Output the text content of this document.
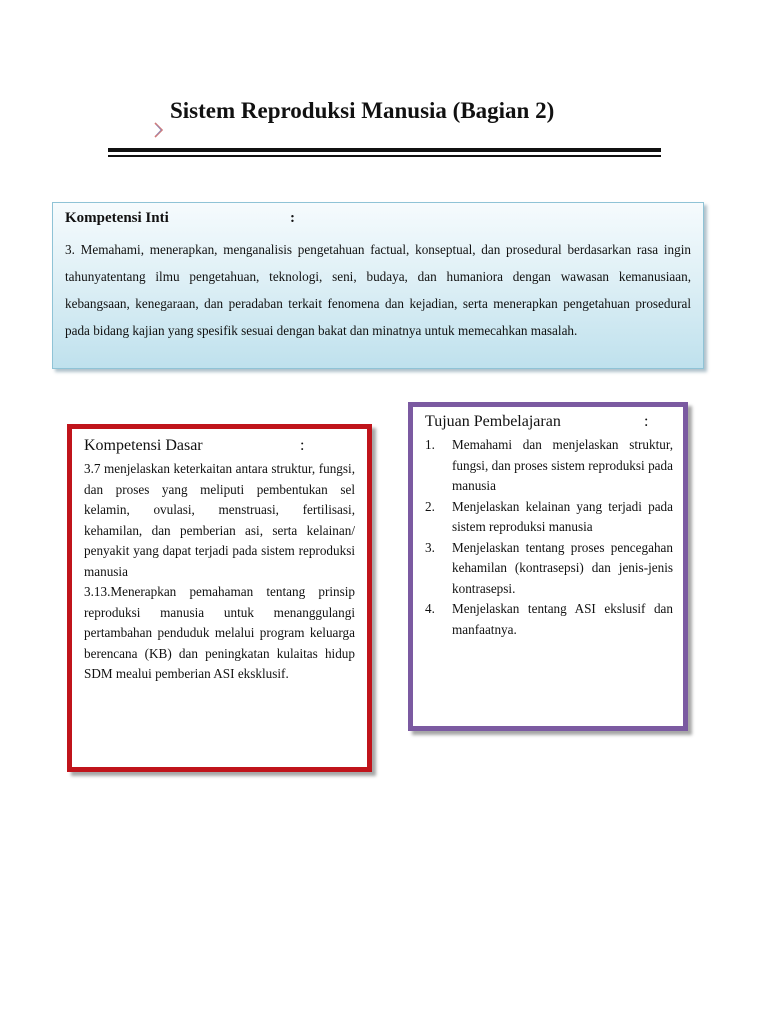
Sistem Reproduksi Manusia (Bagian 2)
Kompetensi Inti	:

3. Memahami, menerapkan, menganalisis pengetahuan factual, konseptual, dan prosedural berdasarkan rasa ingin tahunyatentang ilmu pengetahuan, teknologi, seni, budaya, dan humaniora dengan wawasan kemanusiaan, kebangsaan, kenegaraan, dan peradaban terkait fenomena dan kejadian, serta menerapkan pengetahuan prosedural pada bidang kajian yang spesifik sesuai dengan bakat dan minatnya untuk memecahkan masalah.

Kompetensi Dasar	:

3.7 menjelaskan keterkaitan antara struktur, fungsi, dan proses yang meliputi pembentukan sel kelamin, ovulasi, menstruasi, fertilisasi, kehamilan, dan pemberian asi, serta kelainan/ penyakit yang dapat terjadi pada sistem reproduksi manusia

3.13.Menerapkan pemahaman tentang prinsip reproduksi manusia untuk menanggulangi pertambahan penduduk melalui program keluarga berencana (KB) dan peningkatan kulaitas hidup SDM mealui pemberian ASI eksklusif.

Tujuan Pembelajaran	:
1.	Memahami dan menjelaskan struktur, fungsi, dan proses sistem reproduksi pada manusia
2.	Menjelaskan kelainan yang terjadi pada sistem reproduksi manusia
3.	Menjelaskan tentang proses pencegahan kehamilan (kontrasepsi) dan jenis-jenis kontrasepsi.
4.	Menjelaskan tentang ASI ekslusif dan manfaatnya.
